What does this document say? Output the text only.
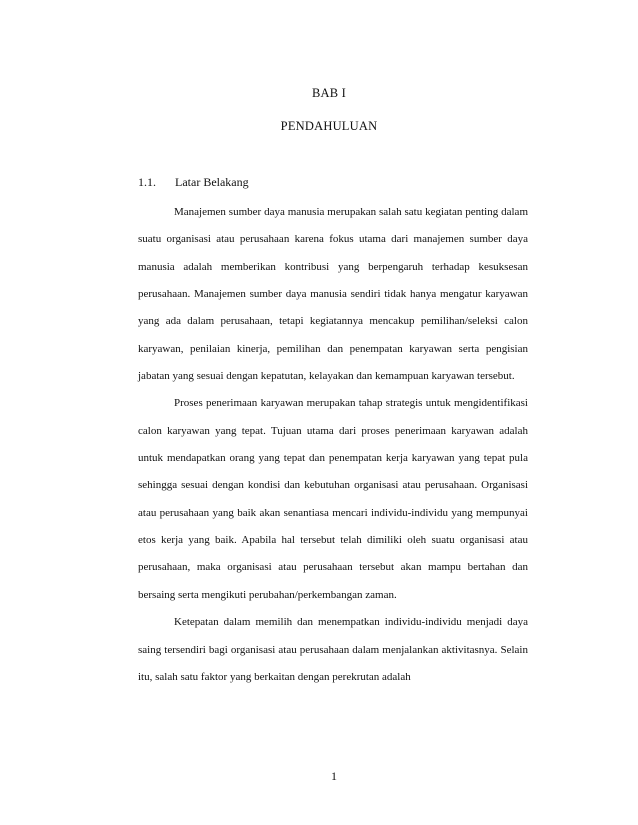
BAB I
PENDAHULUAN
1.1. Latar Belakang

Manajemen sumber daya manusia merupakan salah satu kegiatan penting dalam suatu organisasi atau perusahaan karena fokus utama dari manajemen sumber daya manusia adalah memberikan kontribusi yang berpengaruh terhadap kesuksesan perusahaan. Manajemen sumber daya manusia sendiri tidak hanya mengatur karyawan yang ada dalam perusahaan, tetapi kegiatannya mencakup pemilihan/seleksi calon karyawan, penilaian kinerja, pemilihan dan penempatan karyawan serta pengisian jabatan yang sesuai dengan kepatutan, kelayakan dan kemampuan karyawan tersebut.

Proses penerimaan karyawan merupakan tahap strategis untuk mengidentifikasi calon karyawan yang tepat. Tujuan utama dari proses penerimaan karyawan adalah untuk mendapatkan orang yang tepat dan penempatan kerja karyawan yang tepat pula sehingga sesuai dengan kondisi dan kebutuhan organisasi atau perusahaan. Organisasi atau perusahaan yang baik akan senantiasa mencari individu-individu yang mempunyai etos kerja yang baik. Apabila hal tersebut telah dimiliki oleh suatu organisasi atau perusahaan, maka organisasi atau perusahaan tersebut akan mampu bertahan dan bersaing serta mengikuti perubahan/perkembangan zaman.

Ketepatan dalam memilih dan menempatkan individu-individu menjadi daya saing tersendiri bagi organisasi atau perusahaan dalam menjalankan aktivitasnya. Selain itu, salah satu faktor yang berkaitan dengan perekrutan adalah

1
